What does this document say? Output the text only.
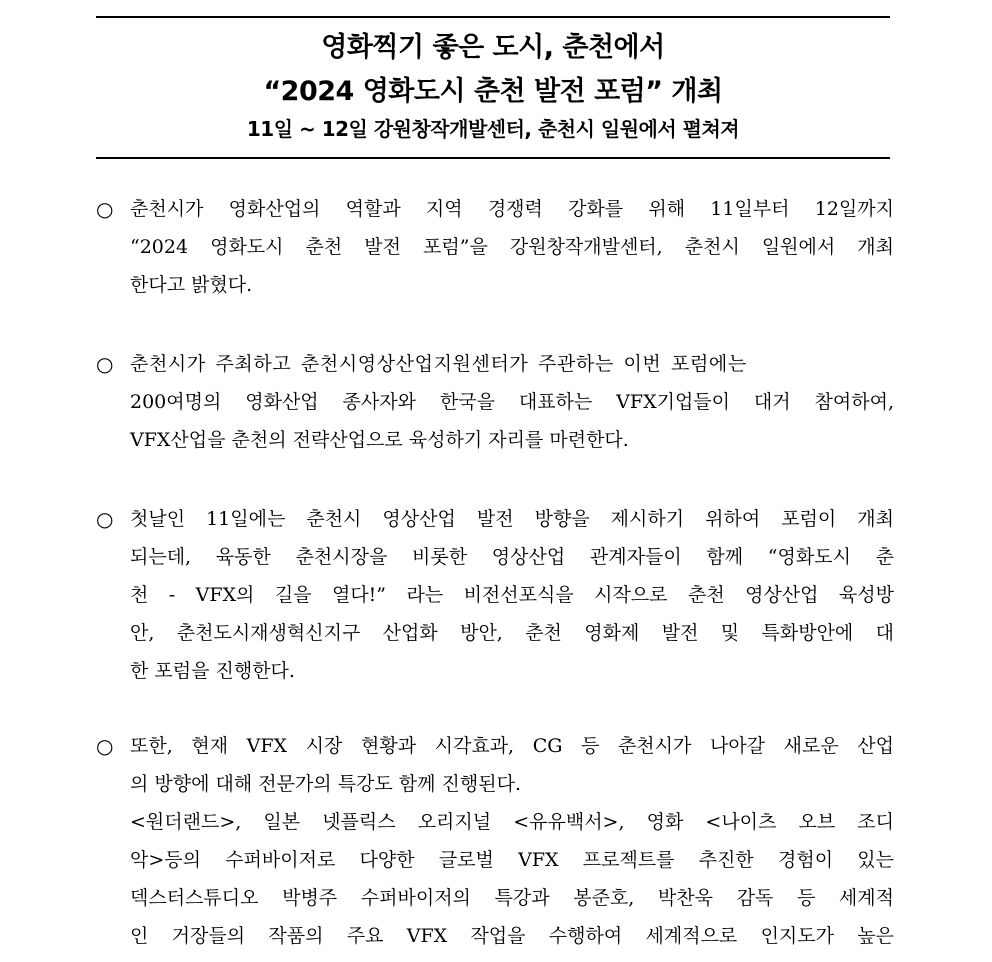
영화찍기 좋은 도시, 춘천에서
“2024 영화도시 춘천 발전 포럼” 개최
11일 ~ 12일 강원창작개발센터, 춘천시 일원에서 펼쳐져
○ 춘천시가 영화산업의 역할과 지역 경쟁력 강화를 위해 11일부터 12일까지
“2024 영화도시 춘천 발전 포럼”을 강원창작개발센터, 춘천시 일원에서 개최
한다고 밝혔다.
○ 춘천시가 주최하고 춘천시영상산업지원센터가 주관하는 이번 포럼에는
200여명의 영화산업 종사자와 한국을 대표하는 VFX기업들이 대거 참여하여,
VFX산업을 춘천의 전략산업으로 육성하기 자리를 마련한다.
○ 첫날인 11일에는 춘천시 영상산업 발전 방향을 제시하기 위하여 포럼이 개최
되는데, 육동한 춘천시장을 비롯한 영상산업 관계자들이 함께 “영화도시 춘
천 - VFX의 길을 열다!” 라는 비전선포식을 시작으로 춘천 영상산업 육성방
안, 춘천도시재생혁신지구 산업화 방안, 춘천 영화제 발전 및 특화방안에 대
한 포럼을 진행한다.
○ 또한, 현재 VFX 시장 현황과 시각효과, CG 등 춘천시가 나아갈 새로운 산업
의 방향에 대해 전문가의 특강도 함께 진행된다.
<원더랜드>, 일본 넷플릭스 오리지널 <유유백서>, 영화 <나이츠 오브 조디
악>등의 수퍼바이저로 다양한 글로벌 VFX 프로젝트를 추진한 경험이 있는
덱스터스튜디오 박병주 수퍼바이저의 특강과 봉준호, 박찬욱 감독 등 세계적
인 거장들의 작품의 주요 VFX 작업을 수행하여 세계적으로 인지도가 높은
